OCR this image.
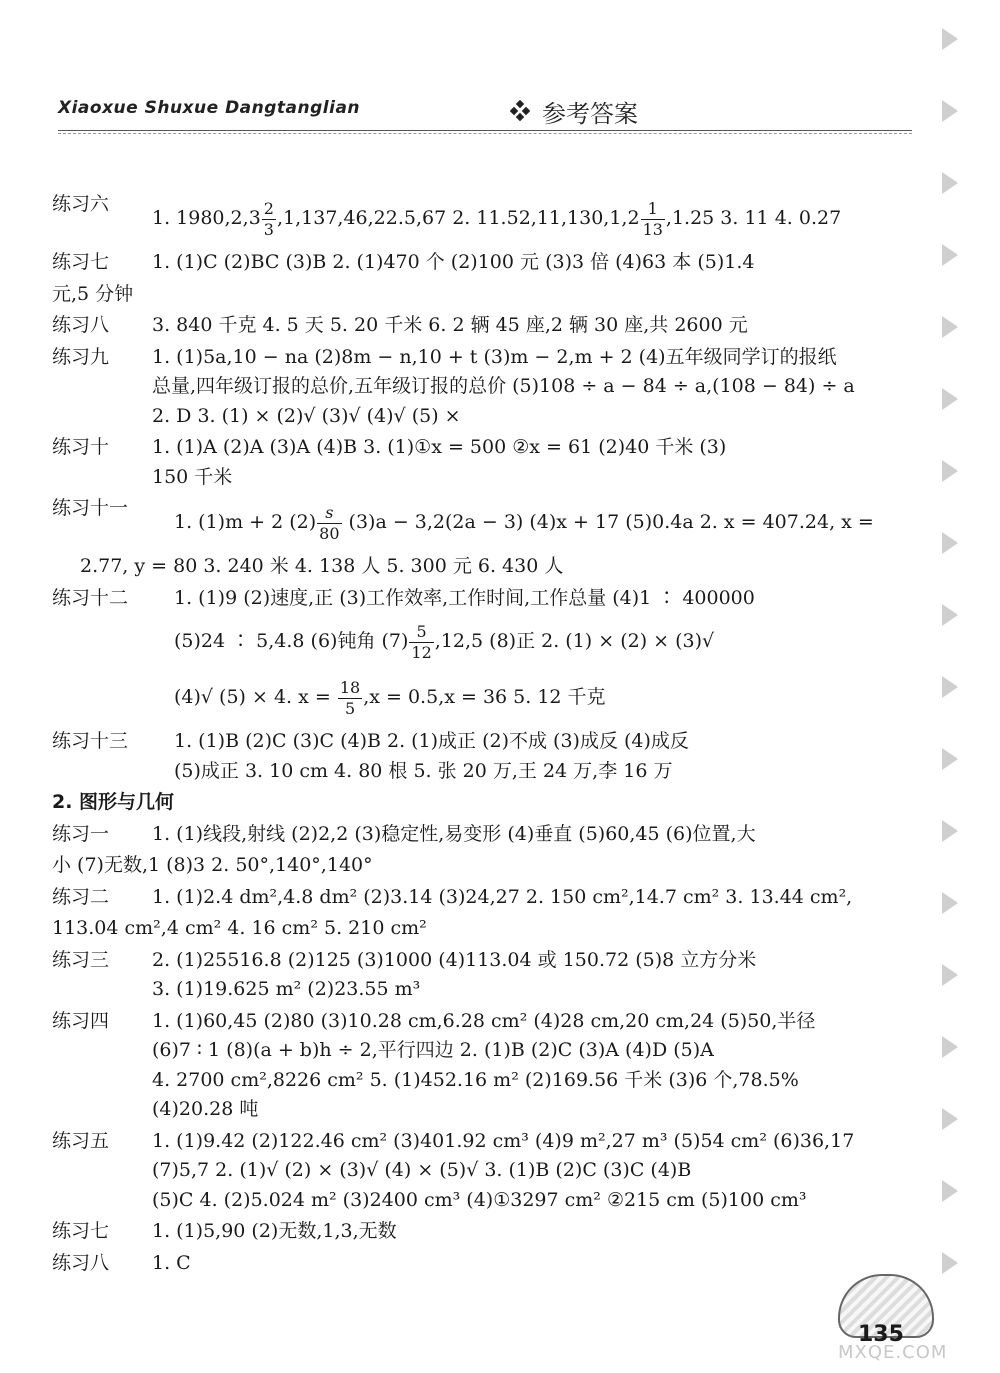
Xiaoxue Shuxue Dangtanglian	参考答案
练习六
1. $1980,2,3 \frac{2}{3} ,1,137,46,22.5,67$ 2. $11.52,11,130,1,2 \frac{1}{13} ,1.25$ 3. 11 4. 0.27
练习七	1. (1)C (2)BC (3)B 2. (1)470 个 (2)100 元 (3)3 倍 (4)63 本 (5)1.4
元,5 分钟
练习八	3. 840 千克 4. 5 天 5. 20 千米 6. 2 辆 45 座,2 辆 30 座,共 2600 元
练习九	1. (1)5a,10 − na (2)8m − n,10 + t (3)m − 2,m + 2 (4)五年级同学订的报纸
总量,四年级订报的总价,五年级订报的总价 (5)108 ÷ a − 84 ÷ a,(108 − 84) ÷ a
2. D 3. (1) × (2)√ (3)√ (4)√ (5) ×
练习十	1. (1)A (2)A (3)A (4)B 3. (1)①x = 500 ②x = 61 (2)40 千米 (3)
150 千米
练习十一
1. (1)m + 2 $(2) \frac{s}{80} (3)a - 3,2(2a - 3) (4)x + 17$ (5)0.4a 2. x = 407.24, x =
2.77, y = 80 3. 240 米 4. 138 人 5. 300 元 6. 430 人
练习十二	1. (1)9 (2)速度,正 (3)工作效率,工作时间,工作总量 (4)1 ∶ 400000
(5)24 ∶ 5,4.8 (6)钝角 $(7) \frac{5}{12} ,12,5$ (8)正 2. (1) × (2) × (3)√
(4)√ (5) × 4. $x = \frac{18}{5} ,x = 0.5,x = 36$ 5. 12 千克
练习十三	1. (1)B (2)C (3)C (4)B 2. (1)成正 (2)不成 (3)成反 (4)成反
(5)成正 3. 10 cm 4. 80 根 5. 张 20 万,王 24 万,李 16 万
2. 图形与几何
练习一	1. (1)线段,射线 (2)2,2 (3)稳定性,易变形 (4)垂直 (5)60,45 (6)位置,大
小 (7)无数,1 (8)3 2. 50°,140°,140°
练习二	1. (1)2.4 dm²,4.8 dm² (2)3.14 (3)24,27 2. 150 cm²,14.7 cm² 3. 13.44 cm²,
113.04 cm²,4 cm² 4. 16 cm² 5. 210 cm²
练习三	2. (1)25516.8 (2)125 (3)1000 (4)113.04 或 150.72 (5)8 立方分米
3. (1)19.625 m² (2)23.55 m³
练习四	1. (1)60,45 (2)80 (3)10.28 cm,6.28 cm² (4)28 cm,20 cm,24 (5)50,半径
(6)7 ∶ 1 (8)(a + b)h ÷ 2,平行四边 2. (1)B (2)C (3)A (4)D (5)A
4. 2700 cm²,8226 cm² 5. (1)452.16 m² (2)169.56 千米 (3)6 个,78.5%
(4)20.28 吨
练习五	1. (1)9.42 (2)122.46 cm² (3)401.92 cm³ (4)9 m²,27 m³ (5)54 cm² (6)36,17
(7)5,7 2. (1)√ (2) × (3)√ (4) × (5)√ 3. (1)B (2)C (3)C (4)B
(5)C 4. (2)5.024 m² (3)2400 cm³ (4)①3297 cm² ②215 cm (5)100 cm³
练习七	1. (1)5,90 (2)无数,1,3,无数
练习八	1. C
135
MXQE.COM
